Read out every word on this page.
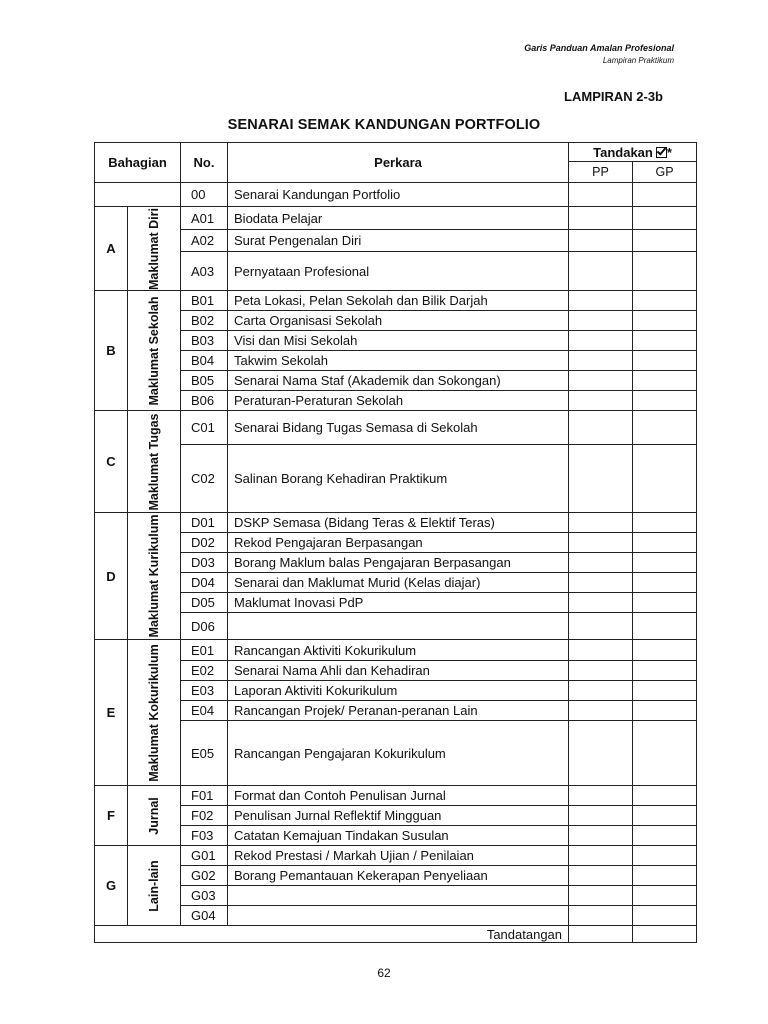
Garis Panduan Amalan Profesional
Lampiran Praktikum
LAMPIRAN 2-3b
SENARAI SEMAK KANDUNGAN PORTFOLIO
Bahagian		No.	Perkara	Tandakan *	
				PP	GP
		00	Senarai Kandungan Portfolio		
A	Maklumat Diri	A01	Biodata Pelajar		
		A02	Surat Pengenalan Diri		
		A03	Pernyataan Profesional		
B	Maklumat Sekolah	B01	Peta Lokasi, Pelan Sekolah dan Bilik Darjah		
		B02	Carta Organisasi Sekolah		
		B03	Visi dan Misi Sekolah		
		B04	Takwim Sekolah		
		B05	Senarai Nama Staf (Akademik dan Sokongan)		
		B06	Peraturan-Peraturan Sekolah		
C	Maklumat Tugas	C01	Senarai Bidang Tugas Semasa di Sekolah		
		C02	Salinan Borang Kehadiran Praktikum		
D	Maklumat Kurikulum	D01	DSKP Semasa (Bidang Teras & Elektif Teras)		
		D02	Rekod Pengajaran Berpasangan		
		D03	Borang Maklum balas Pengajaran Berpasangan		
		D04	Senarai dan Maklumat Murid (Kelas diajar)		
		D05	Maklumat Inovasi PdP		
		D06			
E	Maklumat Kokurikulum	E01	Rancangan Aktiviti Kokurikulum		
		E02	Senarai Nama Ahli dan Kehadiran		
		E03	Laporan Aktiviti Kokurikulum		
		E04	Rancangan Projek/ Peranan-peranan Lain		
		E05	Rancangan Pengajaran Kokurikulum		
F	Jurnal	F01	Format dan Contoh Penulisan Jurnal		
		F02	Penulisan Jurnal Reflektif Mingguan		
		F03	Catatan Kemajuan Tindakan Susulan		
G	Lain-lain	G01	Rekod Prestasi / Markah Ujian / Penilaian		
		G02	Borang Pemantauan Kekerapan Penyeliaan		
		G03			
		G04			
Tandatangan					
62
